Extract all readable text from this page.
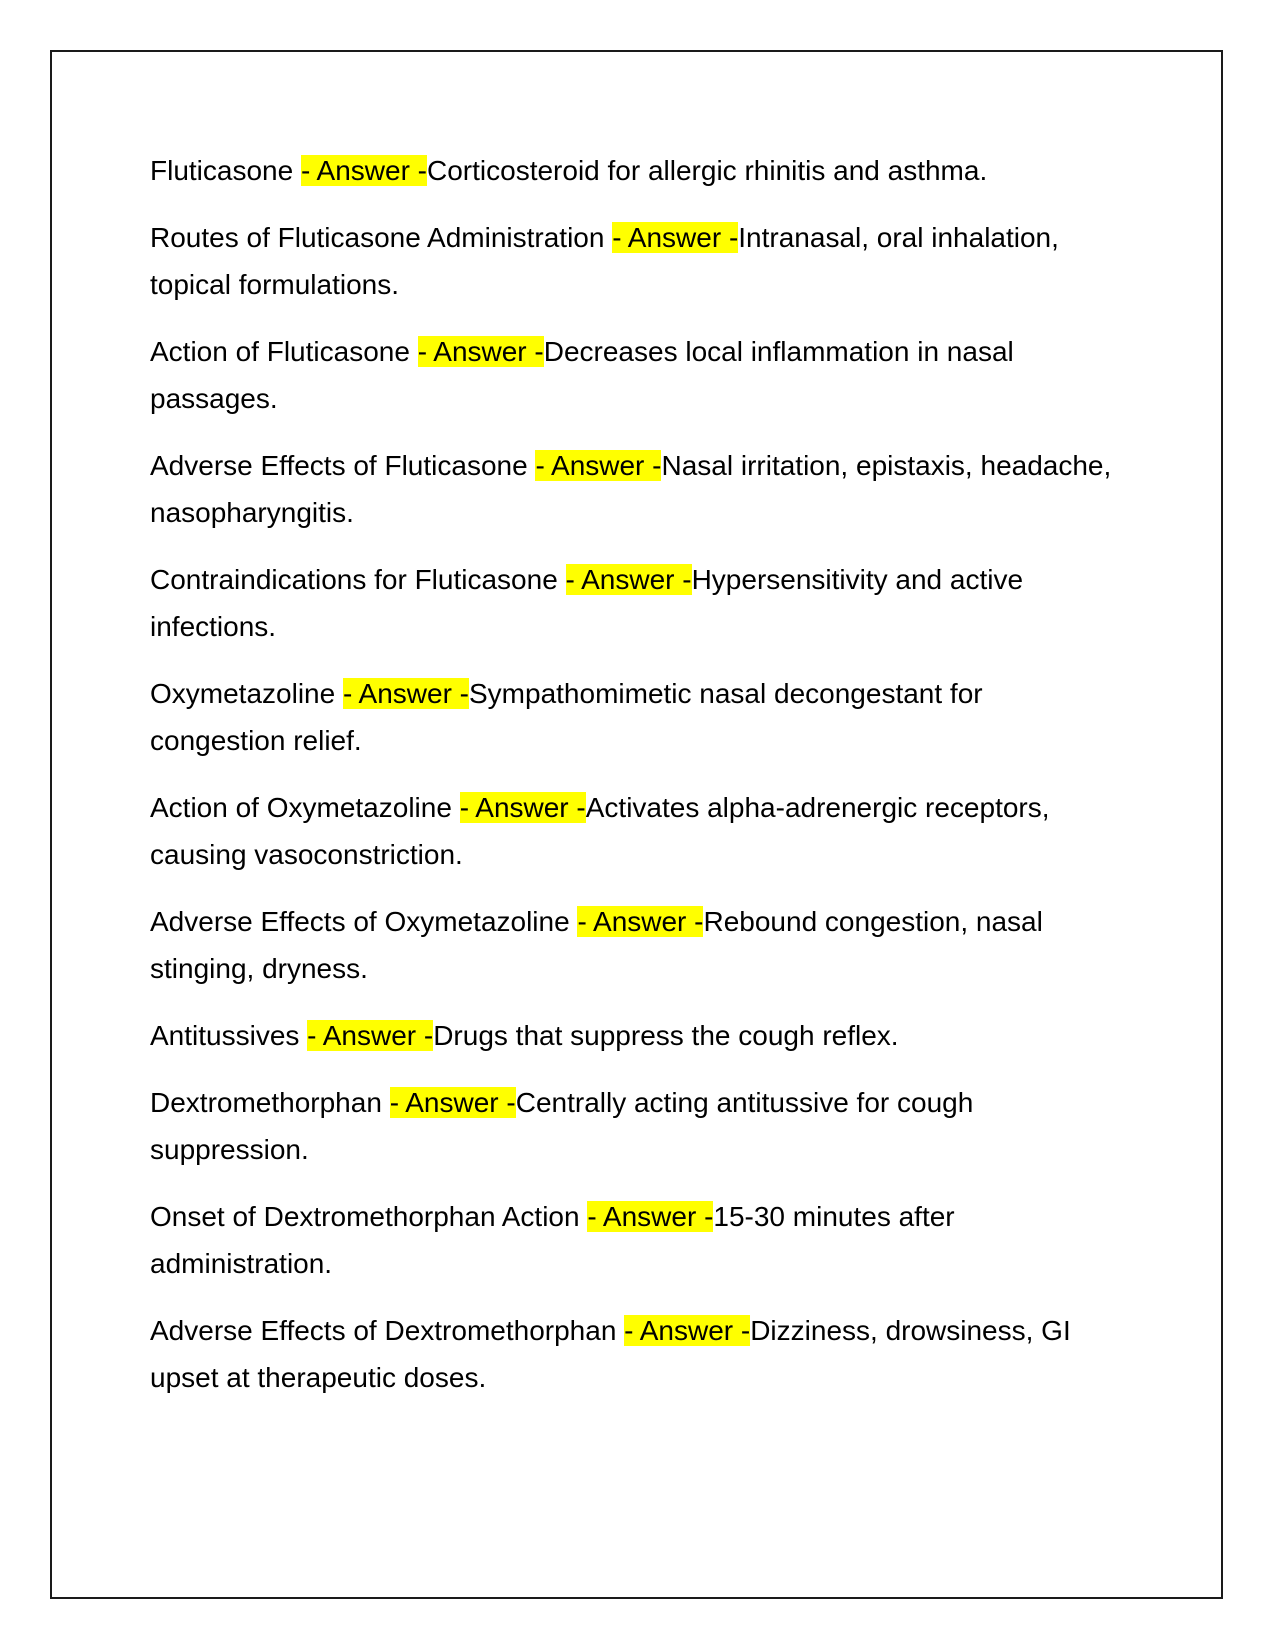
Fluticasone - Answer -Corticosteroid for allergic rhinitis and asthma.
Routes of Fluticasone Administration - Answer -Intranasal, oral inhalation, topical formulations.
Action of Fluticasone - Answer -Decreases local inflammation in nasal passages.
Adverse Effects of Fluticasone - Answer -Nasal irritation, epistaxis, headache, nasopharyngitis.
Contraindications for Fluticasone - Answer -Hypersensitivity and active infections.
Oxymetazoline - Answer -Sympathomimetic nasal decongestant for congestion relief.
Action of Oxymetazoline - Answer -Activates alpha-adrenergic receptors, causing vasoconstriction.
Adverse Effects of Oxymetazoline - Answer -Rebound congestion, nasal stinging, dryness.
Antitussives - Answer -Drugs that suppress the cough reflex.
Dextromethorphan - Answer -Centrally acting antitussive for cough suppression.
Onset of Dextromethorphan Action - Answer -15-30 minutes after administration.
Adverse Effects of Dextromethorphan - Answer -Dizziness, drowsiness, GI upset at therapeutic doses.
